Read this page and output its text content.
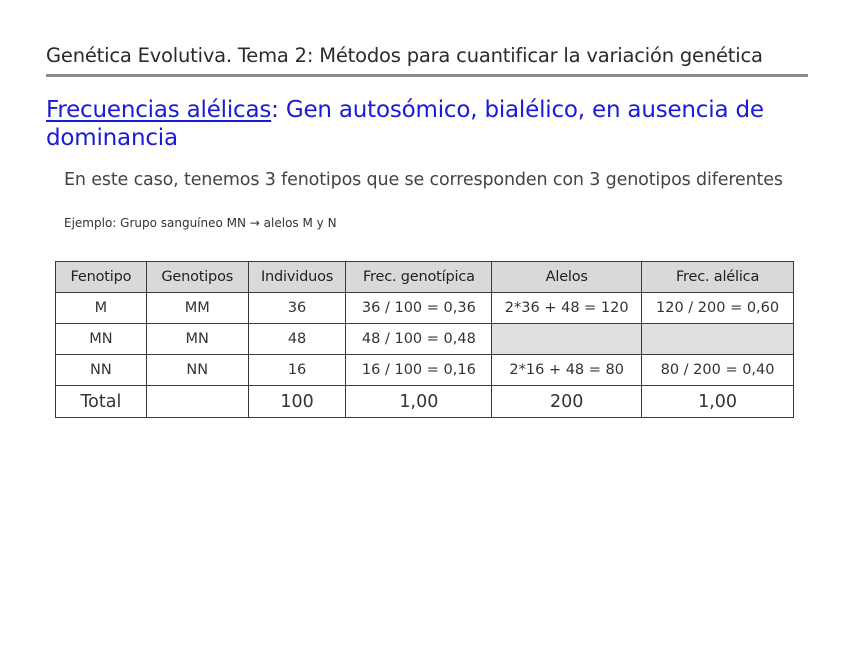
Genética Evolutiva. Tema 2: Métodos para cuantificar la variación genética
Frecuencias alélicas: Gen autosómico, bialélico, en ausencia de dominancia
En este caso, tenemos 3 fenotipos que se corresponden con 3 genotipos diferentes
Ejemplo: Grupo sanguíneo MN → alelos M y N
Fenotipo	Genotipos	Individuos	Frec. genotípica	Alelos	Frec. alélica
M	MM	36	36 / 100 = 0,36	2*36 + 48 = 120	120 / 200 = 0,60
MN	MN	48	48 / 100 = 0,48		
NN	NN	16	16 / 100 = 0,16	2*16 + 48 = 80	80 / 200 = 0,40
Total		100	1,00	200	1,00
